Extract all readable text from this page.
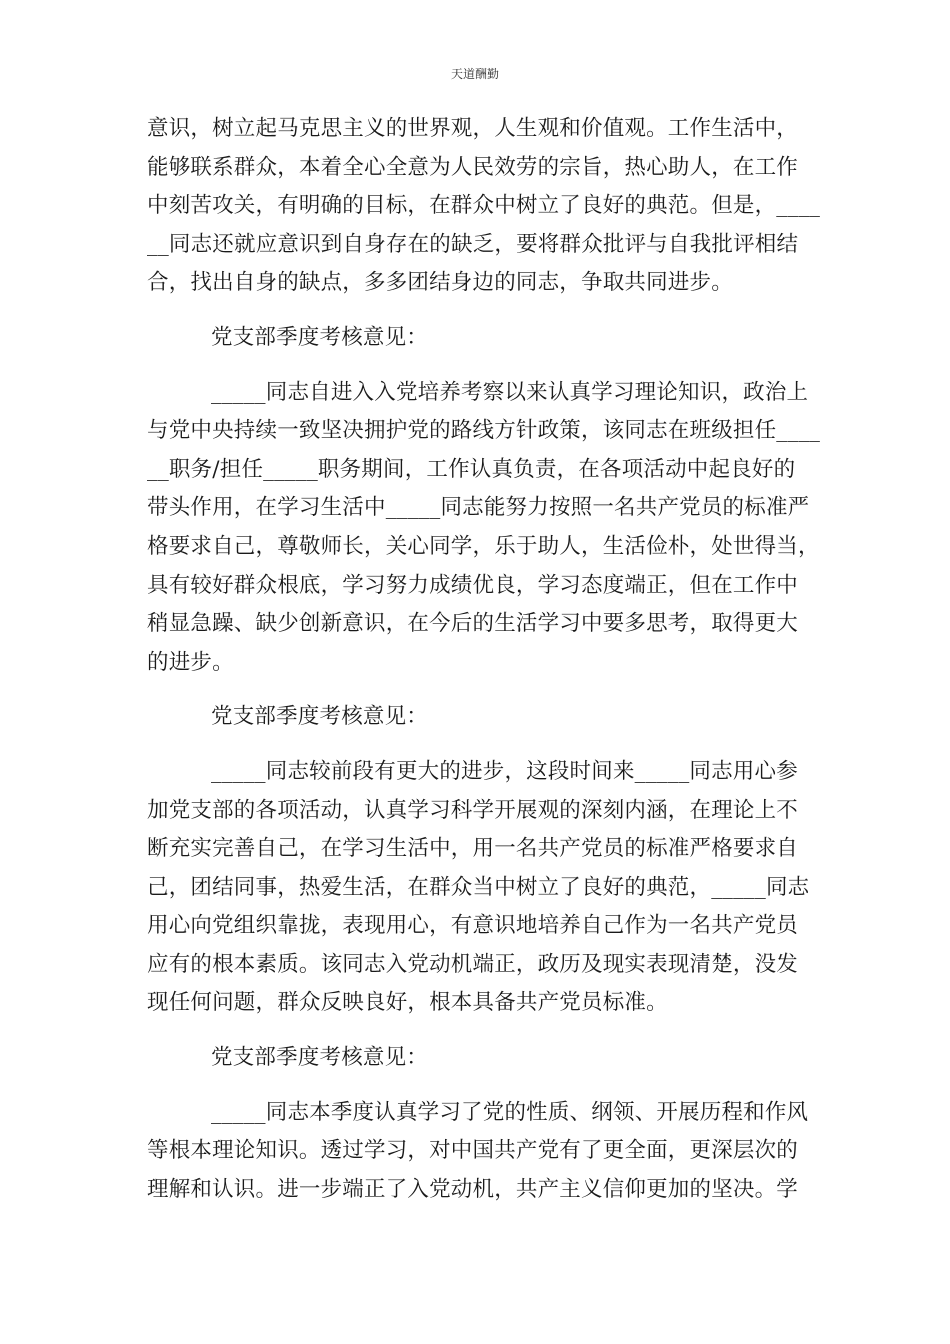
天道酬勤
意识，树立起马克思主义的世界观，人生观和价值观。工作生活中，
能够联系群众，本着全心全意为人民效劳的宗旨，热心助人，在工作
中刻苦攻关，有明确的目标，在群众中树立了良好的典范。但是，____
__同志还就应意识到自身存在的缺乏，要将群众批评与自我批评相结
合，找出自身的缺点，多多团结身边的同志，争取共同进步。
党支部季度考核意见：
_____同志自进入入党培养考察以来认真学习理论知识，政治上
与党中央持续一致坚决拥护党的路线方针政策，该同志在班级担任____
__职务/担任_____职务期间，工作认真负责，在各项活动中起良好的
带头作用，在学习生活中_____同志能努力按照一名共产党员的标准严
格要求自己，尊敬师长，关心同学，乐于助人，生活俭朴，处世得当，
具有较好群众根底，学习努力成绩优良，学习态度端正，但在工作中
稍显急躁、缺少创新意识，在今后的生活学习中要多思考，取得更大
的进步。
党支部季度考核意见：
_____同志较前段有更大的进步，这段时间来_____同志用心参
加党支部的各项活动，认真学习科学开展观的深刻内涵，在理论上不
断充实完善自己，在学习生活中，用一名共产党员的标准严格要求自
己，团结同事，热爱生活，在群众当中树立了良好的典范，_____同志
用心向党组织靠拢，表现用心，有意识地培养自己作为一名共产党员
应有的根本素质。该同志入党动机端正，政历及现实表现清楚，没发
现任何问题，群众反映良好，根本具备共产党员标准。
党支部季度考核意见：
_____同志本季度认真学习了党的性质、纲领、开展历程和作风
等根本理论知识。透过学习，对中国共产党有了更全面，更深层次的
理解和认识。进一步端正了入党动机，共产主义信仰更加的坚决。学
